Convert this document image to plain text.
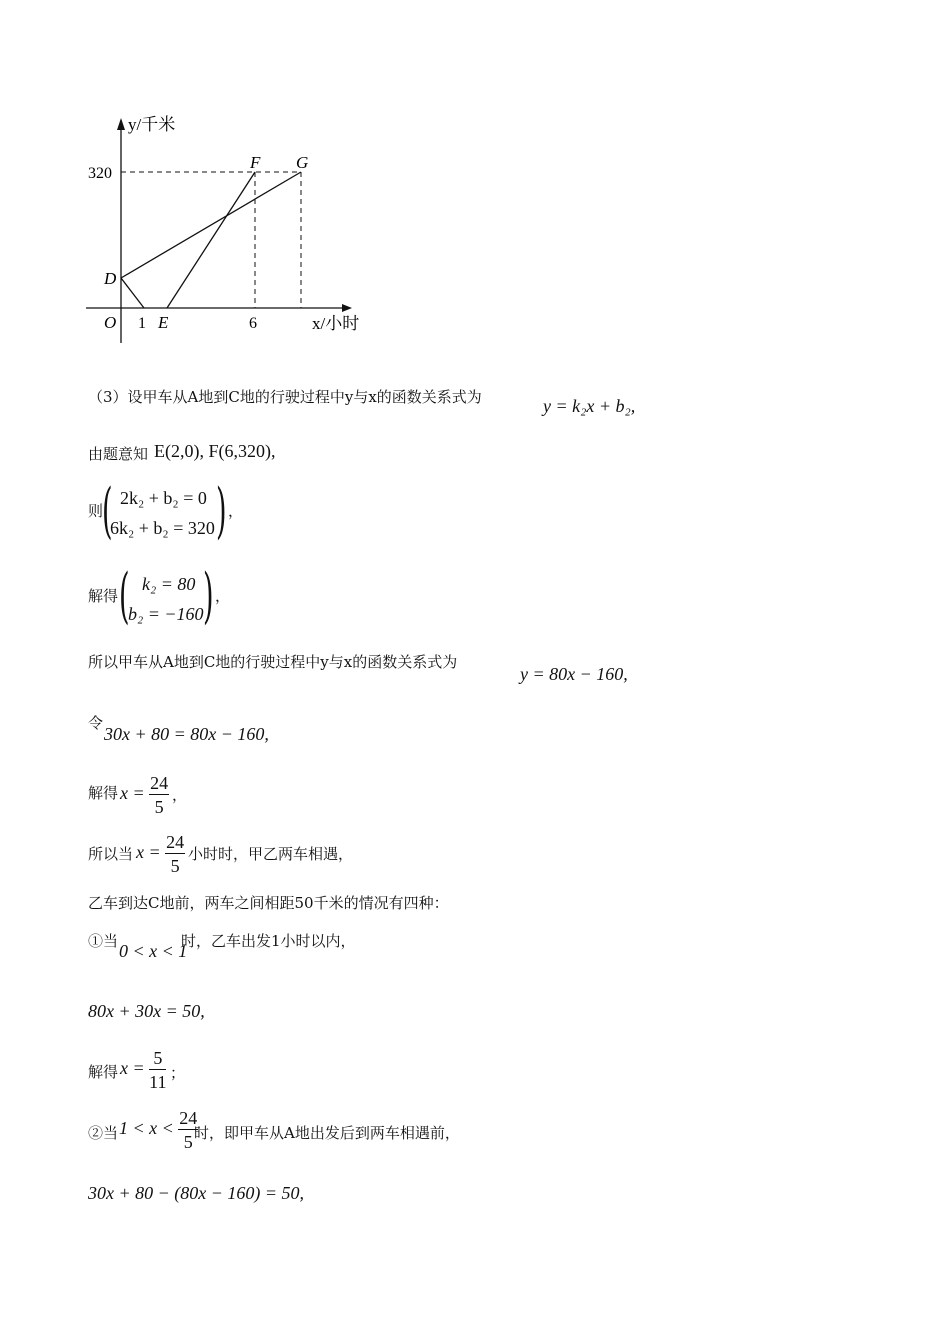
y/千米
x/小时
320
1	6
O
D
E
F G
（3）设甲车从A地到C地的行驶过程中y与x的函数关系式为	y = k₂x + b₂,
由题意知 E(2,0), F(6,320),
则
( 2k₂ + b₂ = 0
6k₂ + b₂ = 320 ) ，
解得 ( k₂ = 80
b₂ = −160 ) ，
所以甲车从A地到C地的行驶过程中y与x的函数关系式为
y = 80x − 160,
令
30x + 80 = 80x − 160,
解得 $x = \frac{24}{5}$ ，
所以当 $x = \frac{24}{5}$ 小时时，甲乙两车相遇，
乙车到达C地前，两车之间相距50千米的情况有四种：
①当 0 < x < 1
时，乙车出发1小时以内，
80x + 30x = 50,
解得 $x = \frac{5}{11}$ ；
②当 $1 < x < \frac{24}{5}$
时，即甲车从A地出发后到两车相遇前，
30x + 80 − (80x − 160) = 50,
